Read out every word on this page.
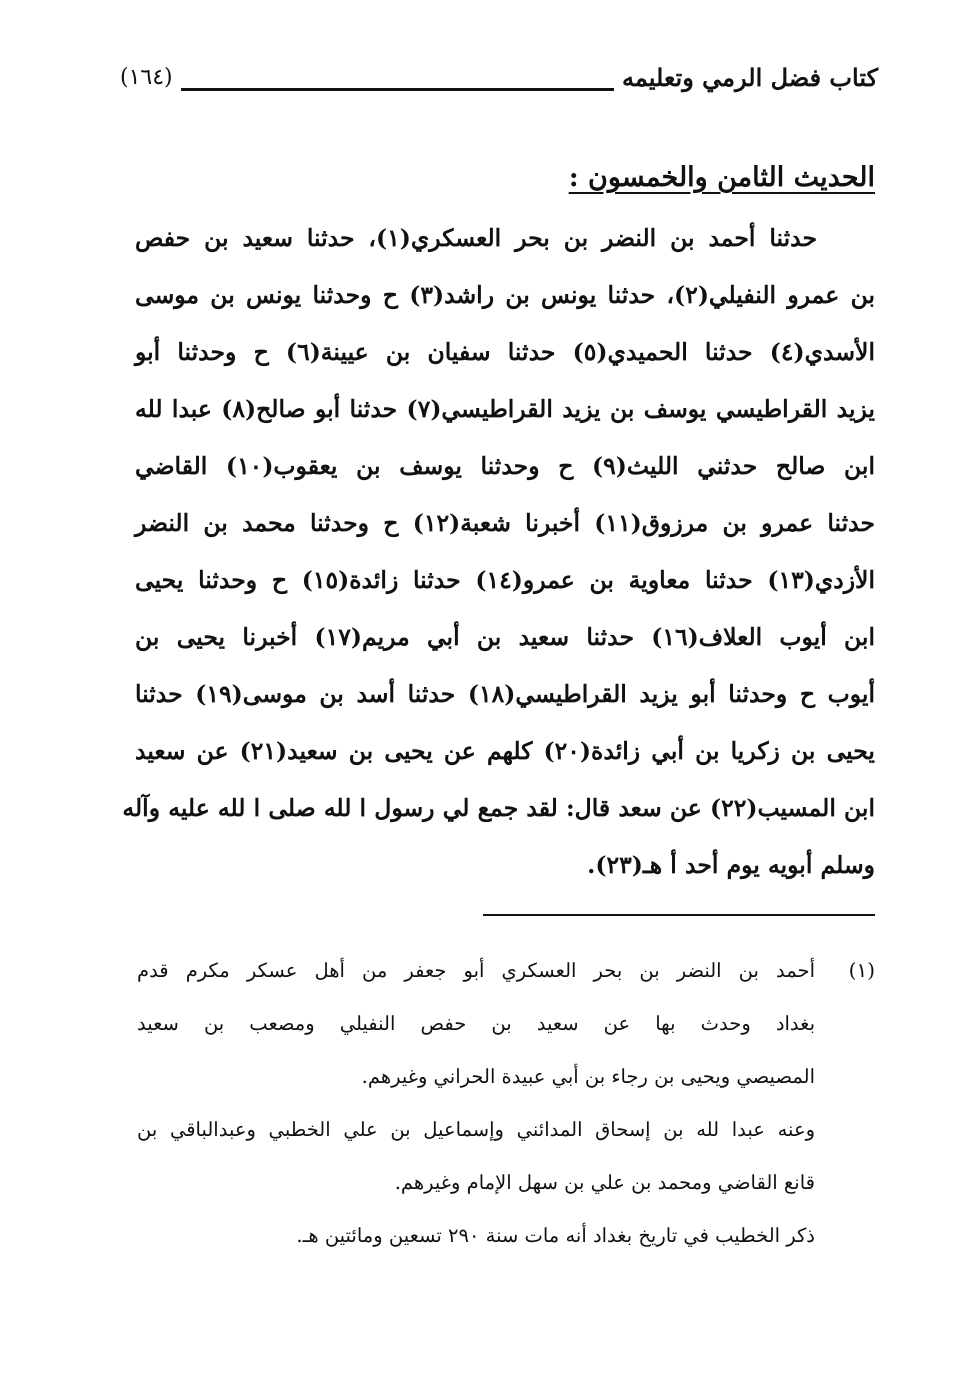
كتاب فضل الرمي وتعليمه
(١٦٤)
الحديث الثامن والخمسون :
حدثنا أحمد بن النضر بن بحر العسكري(١)، حدثنا سعيد بن حفص
بن عمرو النفيلي(٢)، حدثنا يونس بن راشد(٣) ح وحدثنا يونس بن موسى
الأسدي(٤) حدثنا الحميدي(٥) حدثنا سفيان بن عيينة(٦) ح وحدثنا أبو
يزيد القراطيسي يوسف بن يزيد القراطيسي(٧) حدثنا أبو صالح(٨) عبدا لله
ابن صالح حدثني الليث(٩) ح وحدثنا يوسف بن يعقوب(١٠) القاضي
حدثنا عمرو بن مرزوق(١١) أخبرنا شعبة(١٢) ح وحدثنا محمد بن النضر
الأزدي(١٣) حدثنا معاوية بن عمرو(١٤) حدثنا زائدة(١٥) ح وحدثنا يحيى
ابن أيوب العلاف(١٦) حدثنا سعيد بن أبي مريم(١٧) أخبرنا يحيى بن
أيوب ح وحدثنا أبو يزيد القراطيسي(١٨) حدثنا أسد بن موسى(١٩) حدثنا
يحيى بن زكريا بن أبي زائدة(٢٠) كلهم عن يحيى بن سعيد(٢١) عن سعيد
ابن المسيب(٢٢) عن سعد قال: لقد جمع لي رسول ا لله صلى ا لله عليه وآله
وسلم أبويه يوم أحد أ هـ(٢٣).
(١)
أحمد بن النضر بن بحر العسكري أبو جعفر من أهل عسكر مكرم قدم
بغداد وحدث بها عن سعيد بن حفص النفيلي ومصعب بن سعيد
المصيصي ويحيى بن رجاء بن أبي عبيدة الحراني وغيرهم.
وعنه عبدا لله بن إسحاق المدائني وإسماعيل بن علي الخطبي وعبدالباقي بن
قانع القاضي ومحمد بن علي بن سهل الإمام وغيرهم.
ذكر الخطيب في تاريخ بغداد أنه مات سنة ٢٩٠ تسعين ومائتين هـ.
